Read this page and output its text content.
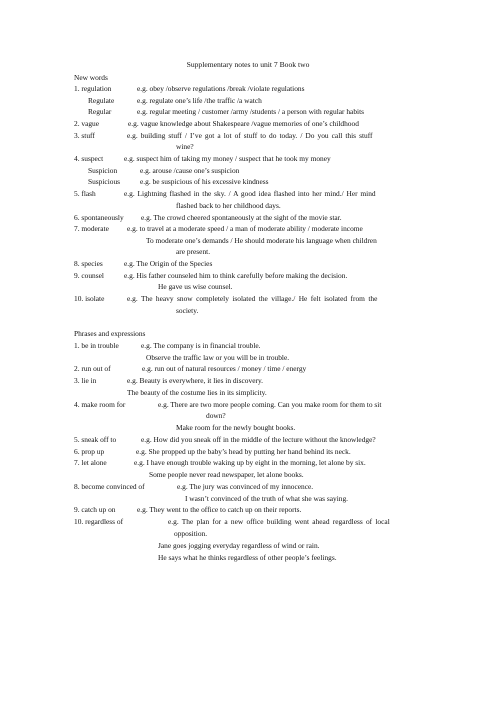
Supplementary notes to unit 7 Book two
New words
1. regulation	e.g. obey /observe regulations /break /violate regulations
Regulate	e.g. regulate one’s life /the traffic /a watch
Regular	e.g. regular meeting / customer /army /students / a person with regular habits
2. vague	e.g. vague knowledge about Shakespeare /vague memories of one’s childhood
3. stuff	e.g. building stuff / I’ve got a lot of stuff to do today. / Do you call this stuff
wine?
4. suspect	e.g. suspect him of taking my money / suspect that he took my money
Suspicion	e.g. arouse /cause one’s suspicion
Suspicious	e.g. be suspicious of his excessive kindness
5. flash	e.g. Lightning flashed in the sky. / A good idea flashed into her mind./ Her mind
flashed back to her childhood days.
6. spontaneously e.g. The crowd cheered spontaneously at the sight of the movie star.
7. moderate e.g. to travel at a moderate speed / a man of moderate ability / moderate income
To moderate one’s demands / He should moderate his language when children
are present.
8. species	e.g. The Origin of the Species
9. counsel	e.g. His father counseled him to think carefully before making the decision.
He gave us wise counsel.
10. isolate	e.g. The heavy snow completely isolated the village./ He felt isolated from the
society.
Phrases and expressions
1. be in trouble	e.g. The company is in financial trouble.
Observe the traffic law or you will be in trouble.
2. run out of	e.g. run out of natural resources / money / time / energy
3. lie in	e.g. Beauty is everywhere, it lies in discovery.
The beauty of the costume lies in its simplicity.
4. make room for	e.g. There are two more people coming. Can you make room for them to sit
down?
Make room for the newly bought books.
5. sneak off to	e.g. How did you sneak off in the middle of the lecture without the knowledge?
6. prop up	e.g. She propped up the baby’s head by putting her hand behind its neck.
7. let alone	e.g. I have enough trouble waking up by eight in the morning, let alone by six.
Some people never read newspaper, let alone books.
8. become convinced of	e.g. The jury was convinced of my innocence.
I wasn’t convinced of the truth of what she was saying.
9. catch up on	e.g. They went to the office to catch up on their reports.
10. regardless of	e.g. The plan for a new office building went ahead regardless of local
opposition.
Jane goes jogging everyday regardless of wind or rain.
He says what he thinks regardless of other people’s feelings.
